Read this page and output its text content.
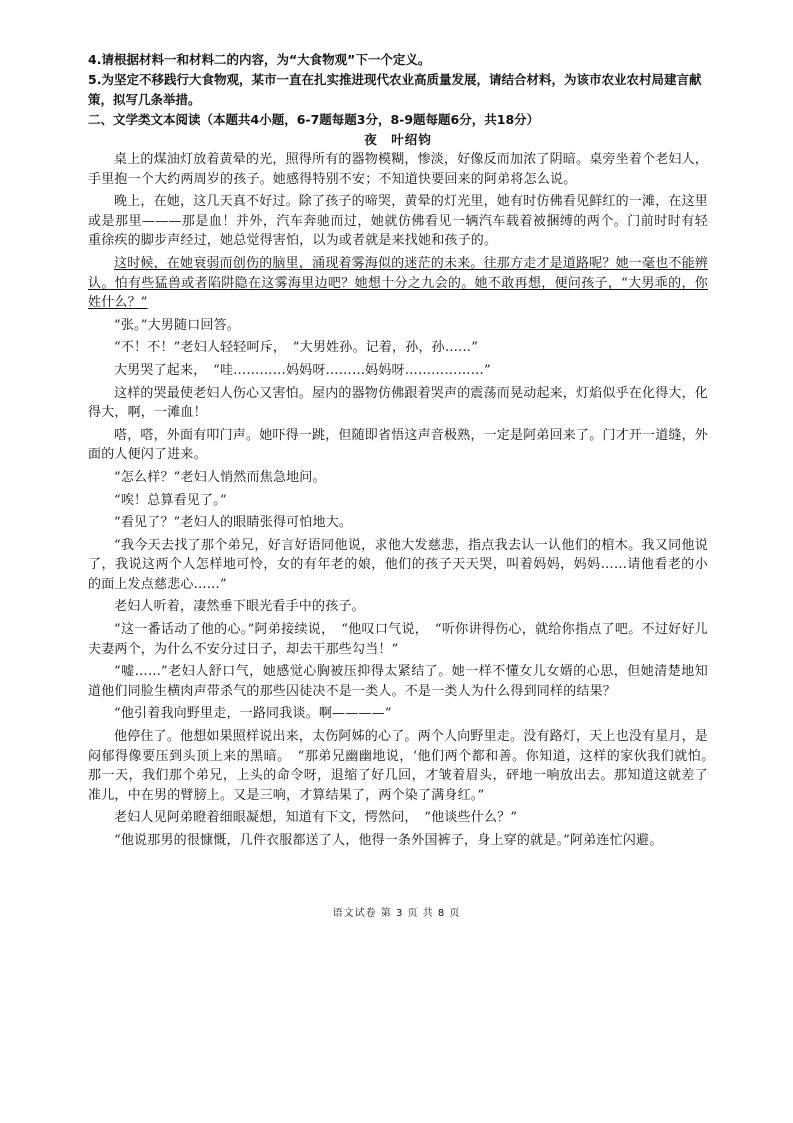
4.请根据材料一和材料二的内容，为“大食物观”下一个定义。

5.为坚定不移践行大食物观，某市一直在扎实推进现代农业高质量发展，请结合材料，为该市农业农村局建言献策，拟写几条举措。

二、文学类文本阅读（本题共4小题，6-7题每题3分，8-9题每题6分，共18分）

夜　叶绍钧

桌上的煤油灯放着黄晕的光，照得所有的器物模糊，惨淡，好像反而加浓了阴暗。桌旁坐着个老妇人，手里抱一个大约两周岁的孩子。她感得特别不安；不知道快要回来的阿弟将怎么说。

晚上，在她，这几天真不好过。除了孩子的啼哭，黄晕的灯光里，她有时仿佛看见鲜红的一滩，在这里或是那里———那是血！并外，汽车奔驰而过，她就仿佛看见一辆汽车载着被捆缚的两个。门前时时有轻重徐疾的脚步声经过，她总觉得害怕，以为或者就是来找她和孩子的。

这时候，在她衰弱而创伤的脑里，涌现着雾海似的迷茫的未来。往那方走才是道路呢？她一毫也不能辨认。怕有些猛兽或者陷阱隐在这雾海里边吧？她想十分之九会的。她不敢再想，便问孩子，“大男乖的，你姓什么？”

“张。”大男随口回答。

“不！不！”老妇人轻轻呵斥，　“大男姓孙。记着，孙，孙……”

大男哭了起来，　“哇…………妈妈呀………妈妈呀………………”

这样的哭最使老妇人伤心又害怕。屋内的器物仿佛跟着哭声的震荡而晃动起来，灯焰似乎在化得大，化得大，啊，一滩血！

嗒，嗒，外面有叩门声。她吓得一跳，但随即省悟这声音极熟，一定是阿弟回来了。门才开一道缝，外面的人便闪了进来。

“怎么样？”老妇人悄然而焦急地问。

“唉！总算看见了。”

“看见了？”老妇人的眼睛张得可怕地大。

“我今天去找了那个弟兄，好言好语同他说，求他大发慈悲，指点我去认一认他们的棺木。我又同他说了，我说这两个人怎样地可怜，女的有年老的娘，他们的孩子天天哭，叫着妈妈，妈妈……请他看老的小的面上发点慈悲心……”

老妇人听着，凄然垂下眼光看手中的孩子。

“这一番话动了他的心。”阿弟接续说，　“他叹口气说，　“听你讲得伤心，就给你指点了吧。不过好好儿夫妻两个，为什么不安分过日子，却去干那些勾当！”

“嘘……”老妇人舒口气，她感觉心胸被压抑得太紧结了。她一样不懂女儿女婿的心思，但她清楚地知道他们同脸生横肉声带杀气的那些囚徒决不是一类人。不是一类人为什么得到同样的结果？

“他引着我向野里走，一路同我谈。啊————”

他停住了。他想如果照样说出来，太伤阿姊的心了。两个人向野里走。没有路灯，天上也没有星月，是闷郁得像要压到头顶上来的黑暗。　“那弟兄幽幽地说，‘他们两个都和善。你知道，这样的家伙我们就怕。　那一天，我们那个弟兄，上头的命令呀，退缩了好几回，才皱着眉头，砰地一响放出去。那知道这就差了准儿，中在男的臂膀上。又是三响，才算结果了，两个染了满身红。”

老妇人见阿弟瞪着细眼凝想，知道有下文，愕然问，　“他谈些什么？”

“他说那男的很慷慨，几件衣服都送了人，他得一条外国裤子，身上穿的就是。”阿弟连忙闪避。

语文试卷 第 3 页 共 8 页
